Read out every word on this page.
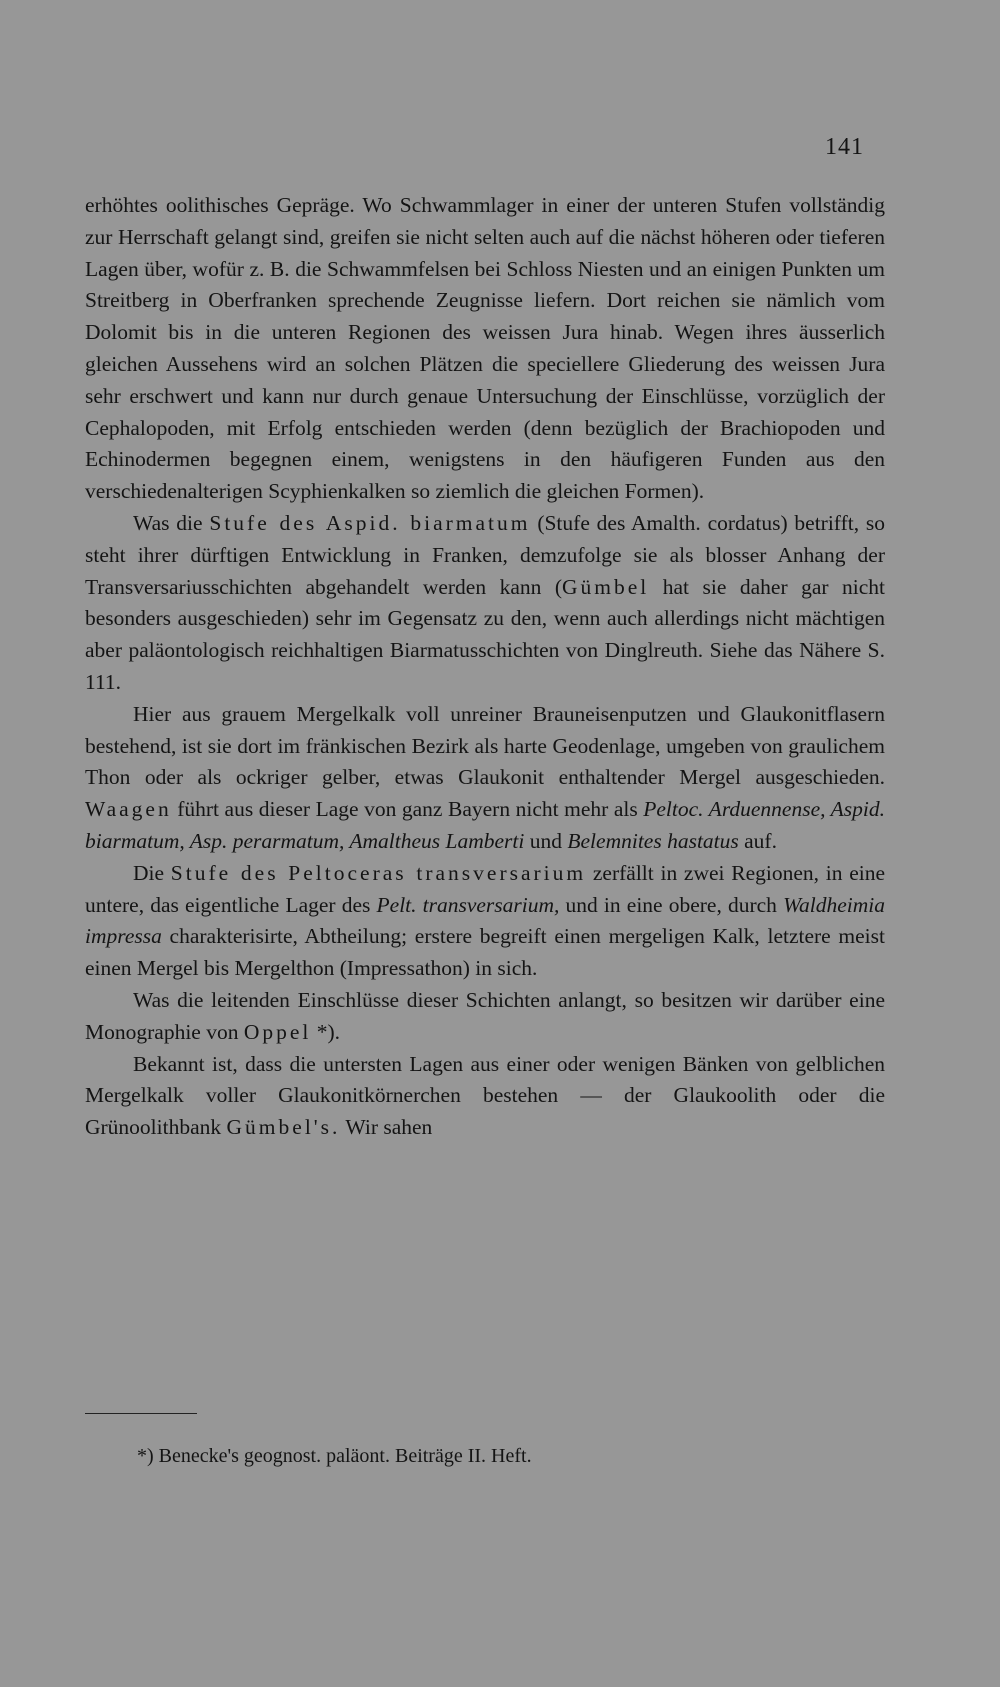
141

erhöhtes oolithisches Gepräge. Wo Schwammlager in einer der unteren Stufen vollständig zur Herrschaft gelangt sind, greifen sie nicht selten auch auf die nächst höheren oder tieferen Lagen über, wofür z. B. die Schwammfelsen bei Schloss Niesten und an einigen Punkten um Streitberg in Oberfranken sprechende Zeugnisse liefern. Dort reichen sie nämlich vom Dolomit bis in die unteren Regionen des weissen Jura hinab. Wegen ihres äusserlich gleichen Aussehens wird an solchen Plätzen die speciellere Gliederung des weissen Jura sehr erschwert und kann nur durch genaue Untersuchung der Einschlüsse, vorzüglich der Cephalopoden, mit Erfolg entschieden werden (denn bezüglich der Brachiopoden und Echinodermen begegnen einem, wenigstens in den häufigeren Funden aus den verschiedenalterigen Scyphienkalken so ziemlich die gleichen Formen).

Was die Stufe des Aspid. biarmatum (Stufe des Amalth. cordatus) betrifft, so steht ihrer dürftigen Entwicklung in Franken, demzufolge sie als blosser Anhang der Transversariusschichten abgehandelt werden kann (Gümbel hat sie daher gar nicht besonders ausgeschieden) sehr im Gegensatz zu den, wenn auch allerdings nicht mächtigen aber paläontologisch reichhaltigen Biarmatusschichten von Dinglreuth. Siehe das Nähere S. 111.

Hier aus grauem Mergelkalk voll unreiner Brauneisenputzen und Glaukonitflasern bestehend, ist sie dort im fränkischen Bezirk als harte Geodenlage, umgeben von graulichem Thon oder als ockriger gelber, etwas Glaukonit enthaltender Mergel ausgeschieden. Waagen führt aus dieser Lage von ganz Bayern nicht mehr als Peltoc. Arduennense, Aspid. biarmatum, Asp. perarmatum, Amaltheus Lamberti und Belemnites hastatus auf.

Die Stufe des Peltoceras transversarium zerfällt in zwei Regionen, in eine untere, das eigentliche Lager des Pelt. transversarium, und in eine obere, durch Waldheimia impressa charakterisirte, Abtheilung; erstere begreift einen mergeligen Kalk, letztere meist einen Mergel bis Mergelthon (Impressathon) in sich.

Was die leitenden Einschlüsse dieser Schichten anlangt, so besitzen wir darüber eine Monographie von Oppel *).

Bekannt ist, dass die untersten Lagen aus einer oder wenigen Bänken von gelblichen Mergelkalk voller Glaukonitkörnerchen bestehen — der Glaukoolith oder die Grünoolithbank Gümbel's. Wir sahen

*) Benecke's geognost. paläont. Beiträge II. Heft.
